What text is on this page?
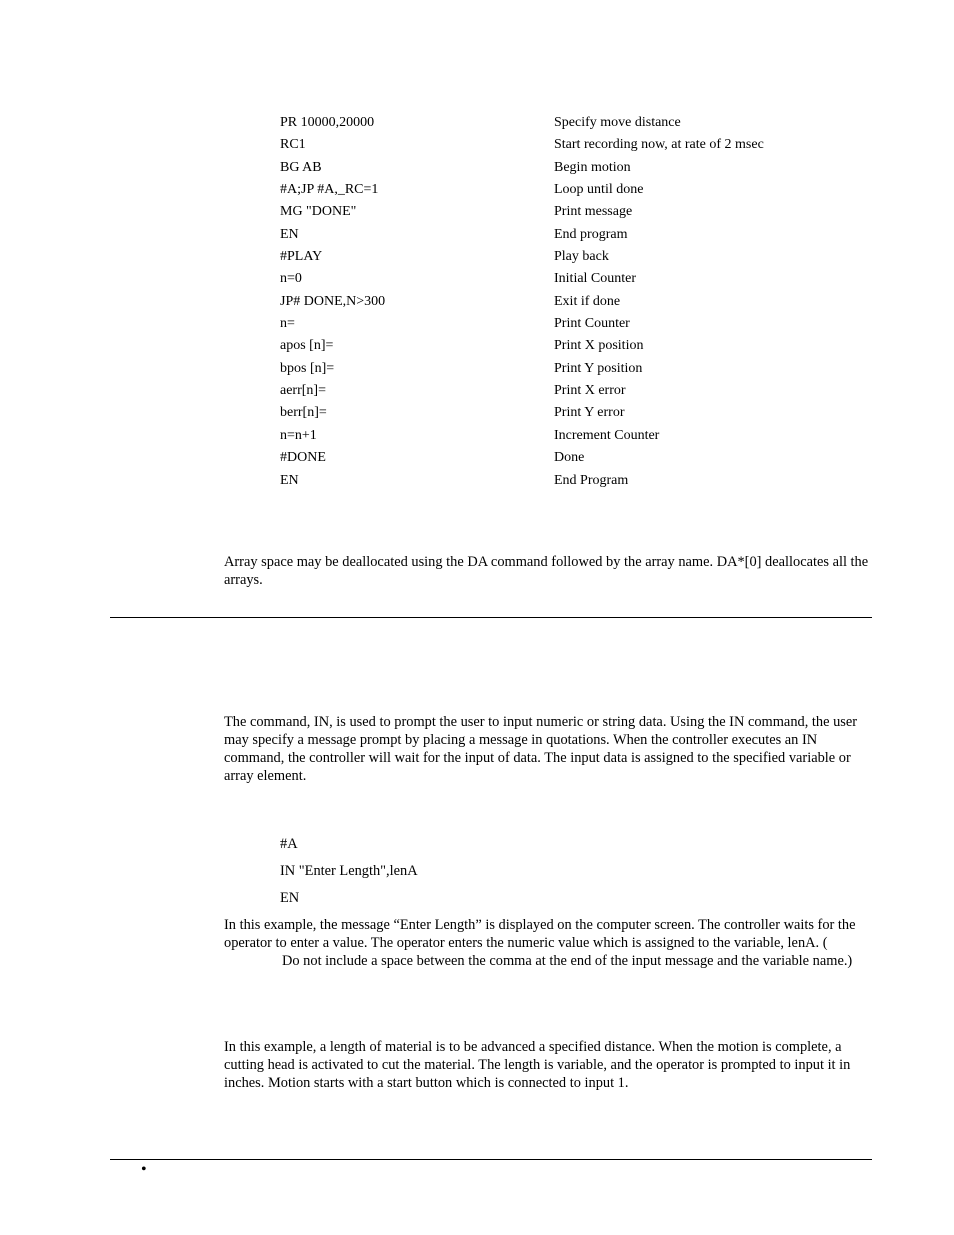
PR 10000,20000	Specify move distance
RC1	Start recording now, at rate of 2 msec
BG AB	Begin motion
#A;JP #A,_RC=1	Loop until done
MG "DONE"	Print message
EN	End program
#PLAY	Play back
n=0	Initial Counter
JP# DONE,N>300	Exit if done
n=	Print Counter
apos [n]=	Print X position
bpos [n]=	Print Y position
aerr[n]=	Print X error
berr[n]=	Print Y error
n=n+1	Increment Counter
#DONE	Done
EN	End Program

Array space may be deallocated using the DA command followed by the array name. DA*[0] deallocates all the arrays.

The command, IN, is used to prompt the user to input numeric or string data. Using the IN command, the user may specify a message prompt by placing a message in quotations. When the controller executes an IN command, the controller will wait for the input of data. The input data is assigned to the specified variable or array element.

#A
IN "Enter Length",lenA
EN

In this example, the message “Enter Length” is displayed on the computer screen. The controller waits for the operator to enter a value. The operator enters the numeric value which is assigned to the variable, lenA. (Do not include a space between the comma at the end of the input message and the variable name.)

In this example, a length of material is to be advanced a specified distance. When the motion is complete, a cutting head is activated to cut the material. The length is variable, and the operator is prompted to input it in inches. Motion starts with a start button which is connected to input 1.

•
